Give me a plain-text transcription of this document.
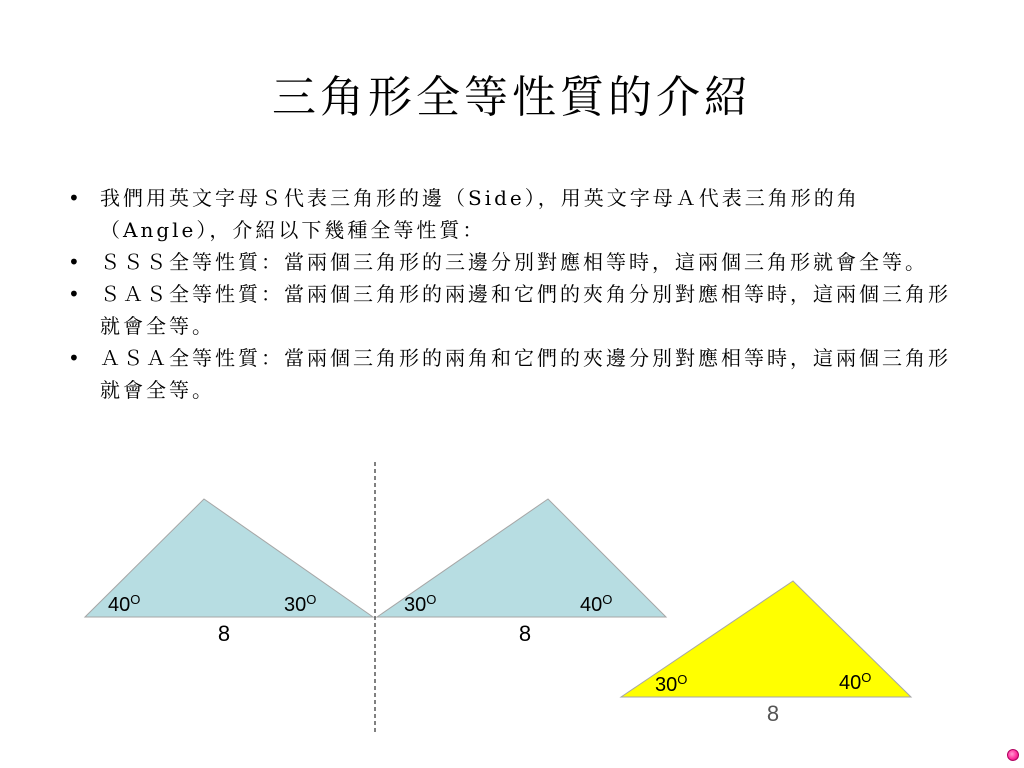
三角形全等性質的介紹
• 我們用英文字母Ｓ代表三角形的邊（Side），用英文字母Ａ代表三角形的角（Angle），介紹以下幾種全等性質：
• ＳＳＳ全等性質：當兩個三角形的三邊分別對應相等時，這兩個三角形就會全等。
• ＳＡＳ全等性質：當兩個三角形的兩邊和它們的夾角分別對應相等時，這兩個三角形就會全等。
• ＡＳＡ全等性質：當兩個三角形的兩角和它們的夾邊分別對應相等時，這兩個三角形就會全等。
$40^O$	$30^O$
8
$30^O$	$40^O$
8
$30^O$	$40^O$
8
